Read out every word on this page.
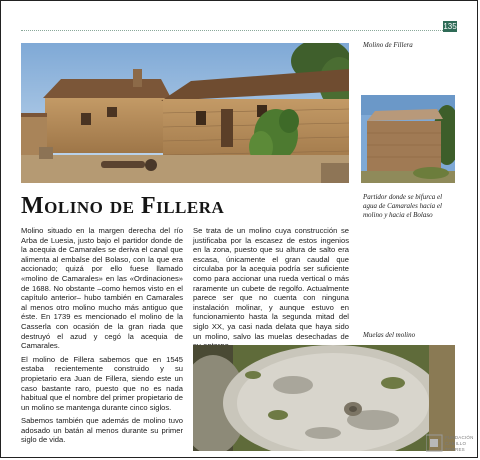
135
Molino de Fillera
Partidor donde se bifurca el agua de Camarales hacia el molino y hacia el Bolaso
Molino de Fillera

Molino situado en la margen derecha del río Arba de Luesia, justo bajo el partidor donde de la acequia de Camarales se deriva el canal que alimenta al embalse del Bolaso, con la que era accionado; quizá por ello fuese llamado «molino de Camarales» en las «Ordinaciones» de 1688. No obstante –como hemos visto en el capítulo anterior– hubo también en Camarales al menos otro molino mucho más antiguo que éste. En 1739 es mencionado el molino de la Casserla con ocasión de la gran riada que destruyó el azud y cegó la acequia de Camarales.

El molino de Fillera sabemos que en 1545 estaba recientemente construido y su propietario era Juan de Fillera, siendo este un caso bastante raro, puesto que no es nada habitual que el nombre del primer propietario de un molino se mantenga durante cinco siglos.

Sabemos también que además de molino tuvo adosado un batán al menos durante su primer siglo de vida.

Se trata de un molino cuya construcción se justificaba por la escasez de estos ingenios en la zona, puesto que su altura de salto era escasa, únicamente el gran caudal que circulaba por la acequia podría ser suficiente como para accionar una rueda vertical o más raramente un cubete de regolfo. Actualmente parece ser que no cuenta con ninguna instalación molinar, y aunque estuvo en funcionamiento hasta la segunda mitad del siglo XX, ya casi nada delata que haya sido un molino, salvo las muelas desechadas de Muelas del molino
FUNDACIÓN
CAMILLO
TORRES
